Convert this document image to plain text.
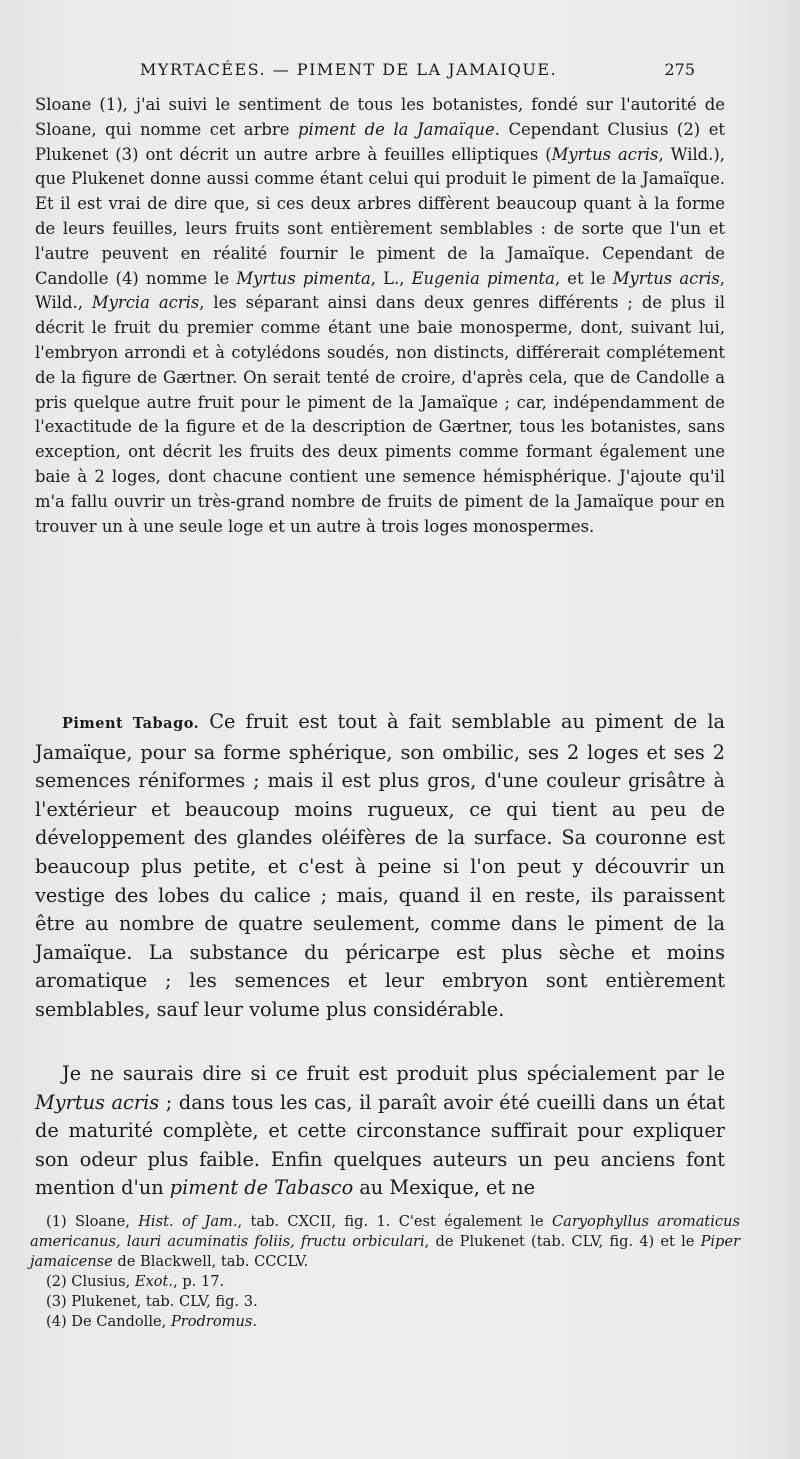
MYRTACÉES. — PIMENT DE LA JAMAIQUE.	275

Sloane (1), j'ai suivi le sentiment de tous les botanistes, fondé sur l'autorité de Sloane, qui nomme cet arbre piment de la Jamaïque. Cependant Clusius (2) et Plukenet (3) ont décrit un autre arbre à feuilles elliptiques (Myrtus acris, Wild.), que Plukenet donne aussi comme étant celui qui produit le piment de la Jamaïque. Et il est vrai de dire que, si ces deux arbres diffèrent beaucoup quant à la forme de leurs feuilles, leurs fruits sont entièrement semblables : de sorte que l'un et l'autre peuvent en réalité fournir le piment de la Jamaïque. Cependant de Candolle (4) nomme le Myrtus pimenta, L., Eugenia pimenta, et le Myrtus acris, Wild., Myrcia acris, les séparant ainsi dans deux genres différents ; de plus il décrit le fruit du premier comme étant une baie monosperme, dont, suivant lui, l'embryon arrondi et à cotylédons soudés, non distincts, différerait complétement de la figure de Gærtner. On serait tenté de croire, d'après cela, que de Candolle a pris quelque autre fruit pour le piment de la Jamaïque ; car, indépendamment de l'exactitude de la figure et de la description de Gærtner, tous les botanistes, sans exception, ont décrit les fruits des deux piments comme formant également une baie à 2 loges, dont chacune contient une semence hémisphérique. J'ajoute qu'il m'a fallu ouvrir un très-grand nombre de fruits de piment de la Jamaïque pour en trouver un à une seule loge et un autre à trois loges monospermes.

Piment Tabago. Ce fruit est tout à fait semblable au piment de la Jamaïque, pour sa forme sphérique, son ombilic, ses 2 loges et ses 2 semences réniformes ; mais il est plus gros, d'une couleur grisâtre à l'extérieur et beaucoup moins rugueux, ce qui tient au peu de développement des glandes oléifères de la surface. Sa couronne est beaucoup plus petite, et c'est à peine si l'on peut y découvrir un vestige des lobes du calice ; mais, quand il en reste, ils paraissent être au nombre de quatre seulement, comme dans le piment de la Jamaïque. La substance du péricarpe est plus sèche et moins aromatique ; les semences et leur embryon sont entièrement semblables, sauf leur volume plus considérable.

Je ne saurais dire si ce fruit est produit plus spécialement par le Myrtus acris ; dans tous les cas, il paraît avoir été cueilli dans un état de maturité complète, et cette circonstance suffirait pour expliquer son odeur plus faible. Enfin quelques auteurs un peu anciens font mention d'un piment de Tabasco au Mexique, et ne

(1) Sloane, Hist. of Jam., tab. CXCII, fig. 1. C'est également le Caryophyllus aromaticus americanus, lauri acuminatis foliis, fructu orbiculari, de Plukenet (tab. CLV, fig. 4) et le Piper jamaicense de Blackwell, tab. CCCLV.

(2) Clusius, Exot., p. 17.

(3) Plukenet, tab. CLV, fig. 3.

(4) De Candolle, Prodromus.
